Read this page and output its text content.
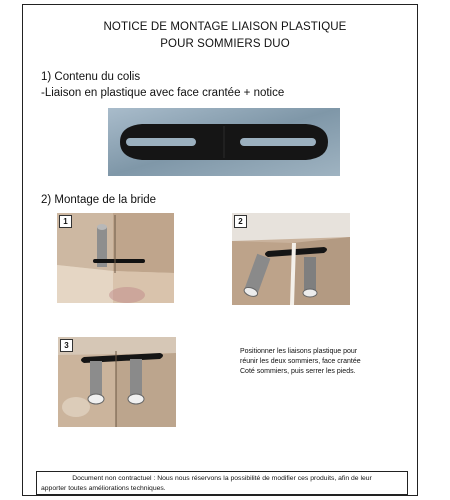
NOTICE DE MONTAGE LIAISON PLASTIQUE
POUR SOMMIERS DUO
1) Contenu du colis
-Liaison en plastique avec face crantée + notice
2) Montage de la bride
1	2
3
Positionner les liaisons plastique pour
réunir les deux sommiers, face crantée
Coté sommiers, puis serrer les pieds.
Document non contractuel : Nous nous réservons la possibilité de modifier ces produits, afin de leur
apporter toutes améliorations techniques.
